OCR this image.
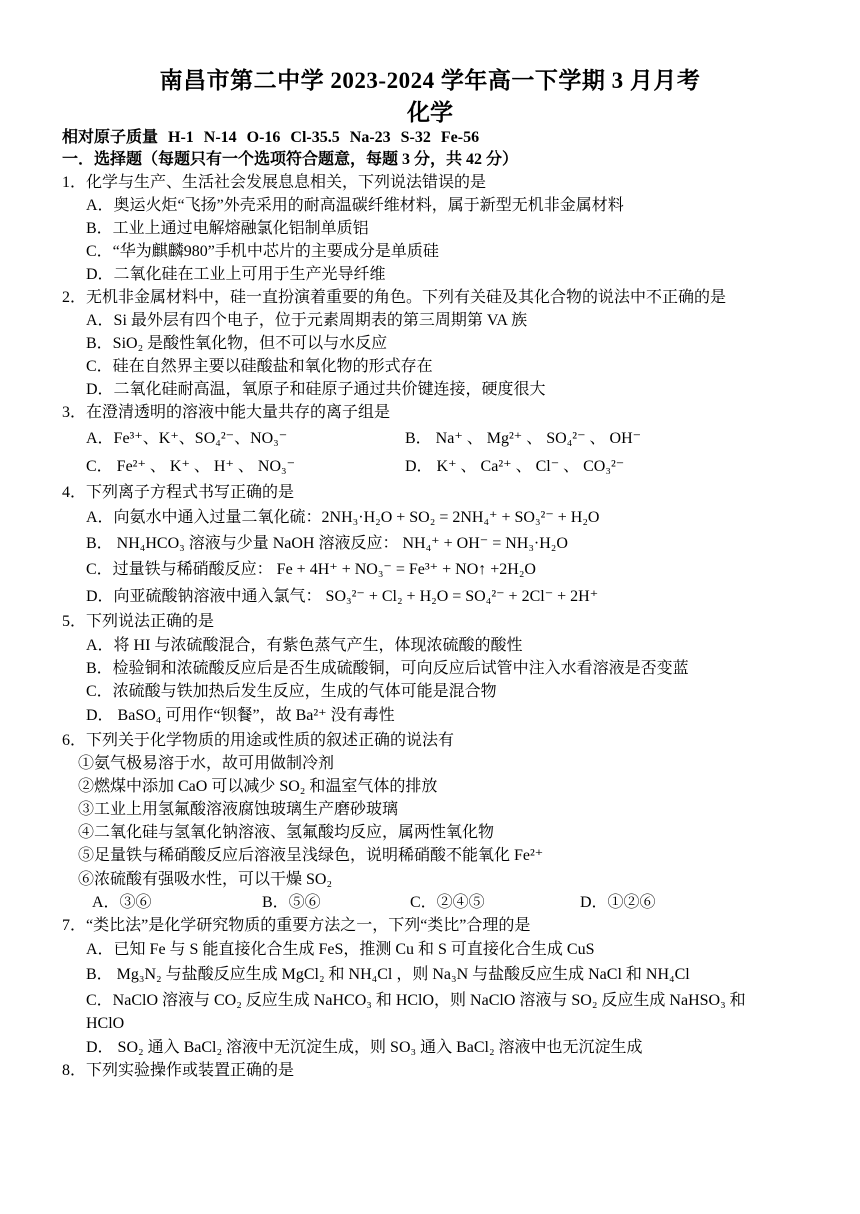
南昌市第二中学 2023-2024 学年高一下学期 3 月月考
化学
相对原子质量 H-1 N-14 O-16 Cl-35.5 Na-23 S-32 Fe-56
一．选择题（每题只有一个选项符合题意，每题 3 分，共 42 分）
1．化学与生产、生活社会发展息息相关，下列说法错误的是
A．奥运火炬“飞扬”外壳采用的耐高温碳纤维材料，属于新型无机非金属材料
B．工业上通过电解熔融氯化铝制单质铝
C．“华为麒麟980”手机中芯片的主要成分是单质硅
D．二氧化硅在工业上可用于生产光导纤维
2．无机非金属材料中，硅一直扮演着重要的角色。下列有关硅及其化合物的说法中不正确的是
A．Si 最外层有四个电子，位于元素周期表的第三周期第 VA 族
B．SiO₂ 是酸性氧化物，但不可以与水反应
C．硅在自然界主要以硅酸盐和氧化物的形式存在
D．二氧化硅耐高温，氧原子和硅原子通过共价键连接，硬度很大
3．在澄清透明的溶液中能大量共存的离子组是
A．Fe³⁺、K⁺、SO₄²⁻、NO₃⁻	B． Na⁺ 、 Mg²⁺ 、 SO₄²⁻ 、 OH⁻
C． Fe²⁺ 、 K⁺ 、 H⁺ 、 NO₃⁻	D． K⁺ 、 Ca²⁺ 、 Cl⁻ 、 CO₃²⁻
4．下列离子方程式书写正确的是
A．向氨水中通入过量二氧化硫：2NH₃·H₂O + SO₂ = 2NH₄⁺ + SO₃²⁻ + H₂O
B． NH₄HCO₃ 溶液与少量 NaOH 溶液反应： NH₄⁺ + OH⁻ = NH₃·H₂O
C．过量铁与稀硝酸反应： Fe + 4H⁺ + NO₃⁻ = Fe³⁺ + NO↑ +2H₂O
D．向亚硫酸钠溶液中通入氯气： SO₃²⁻ + Cl₂ + H₂O = SO₄²⁻ + 2Cl⁻ + 2H⁺
5．下列说法正确的是
A．将 HI 与浓硫酸混合，有紫色蒸气产生，体现浓硫酸的酸性
B．检验铜和浓硫酸反应后是否生成硫酸铜，可向反应后试管中注入水看溶液是否变蓝
C．浓硫酸与铁加热后发生反应，生成的气体可能是混合物
D． BaSO₄ 可用作“钡餐”，故 Ba²⁺ 没有毒性
6．下列关于化学物质的用途或性质的叙述正确的说法有
①氨气极易溶于水，故可用做制冷剂
②燃煤中添加 CaO 可以减少 SO₂ 和温室气体的排放
③工业上用氢氟酸溶液腐蚀玻璃生产磨砂玻璃
④二氧化硅与氢氧化钠溶液、氢氟酸均反应，属两性氧化物
⑤足量铁与稀硝酸反应后溶液呈浅绿色，说明稀硝酸不能氧化 Fe²⁺
⑥浓硫酸有强吸水性，可以干燥 SO₂
A．③⑥	B．⑤⑥	C．②④⑤	D．①②⑥
7．“类比法”是化学研究物质的重要方法之一，下列“类比”合理的是
A．已知 Fe 与 S 能直接化合生成 FeS，推测 Cu 和 S 可直接化合生成 CuS
B． Mg₃N₂ 与盐酸反应生成 MgCl₂ 和 NH₄Cl ，则 Na₃N 与盐酸反应生成 NaCl 和 NH₄Cl
C．NaClO 溶液与 CO₂ 反应生成 NaHCO₃ 和 HClO，则 NaClO 溶液与 SO₂ 反应生成 NaHSO₃ 和
HClO
D． SO₂ 通入 BaCl₂ 溶液中无沉淀生成，则 SO₃ 通入 BaCl₂ 溶液中也无沉淀生成
8．下列实验操作或装置正确的是
